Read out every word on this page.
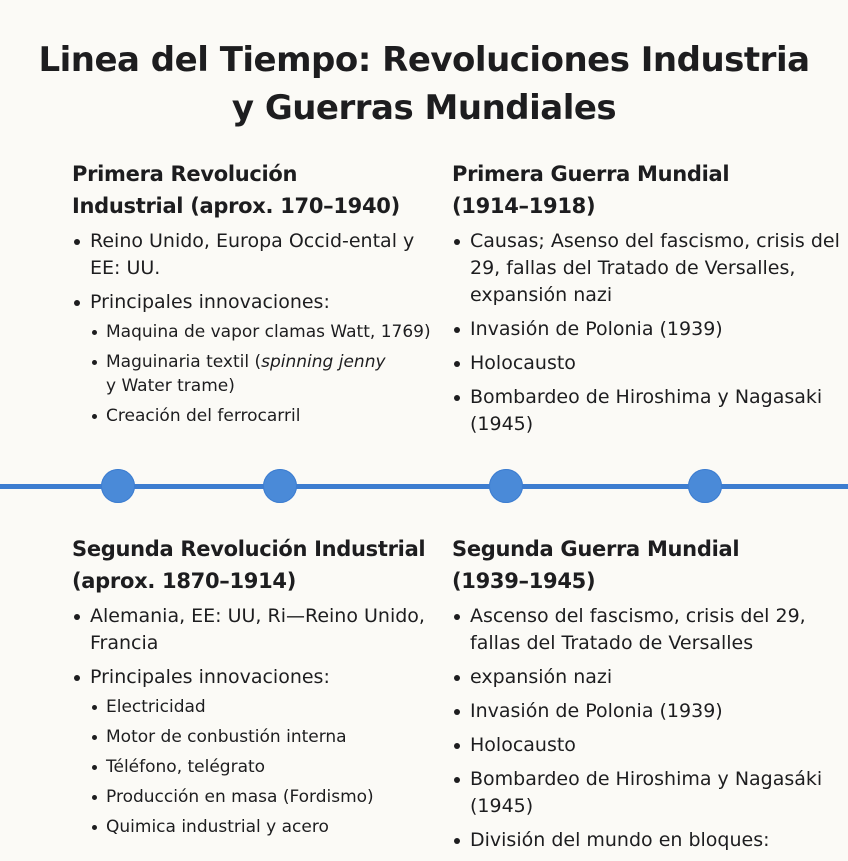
Linea del Tiempo: Revoluciones Industria
y Guerras Mundiales
Primera Revolución
Industrial (aprox. 170–1940)
Reino Unido, Europa Occid-ental y EE: UU.
Principales innovaciones:
Maquina de vapor clamas Watt, 1769)
Maguinaria textil (spinning jenny
y Water trame)
Creación del ferrocarril
Primera Guerra Mundial
(1914–1918)
Causas; Asenso del fascismo, crisis del 29, fallas del Tratado de Versalles, expansión nazi
Invasión de Polonia (1939)
Holocausto
Bombardeo de Hiroshima y Nagasaki (1945)
Segunda Revolución Industrial
(aprox. 1870–1914)
Alemania, EE: UU, Ri—Reino Unido, Francia
Principales innovaciones:
Electricidad
Motor de conbustión interna
Téléfono, telégrato
Producción en masa (Fordismo)
Quimica industrial y acero
Segunda Guerra Mundial
(1939–1945)
Ascenso del fascismo, crisis del 29, fallas del Tratado de Versalles
expansión nazi
Invasión de Polonia (1939)
Holocausto
Bombardeo de Hiroshima y Nagasáki (1945)
División del mundo en bloques:
